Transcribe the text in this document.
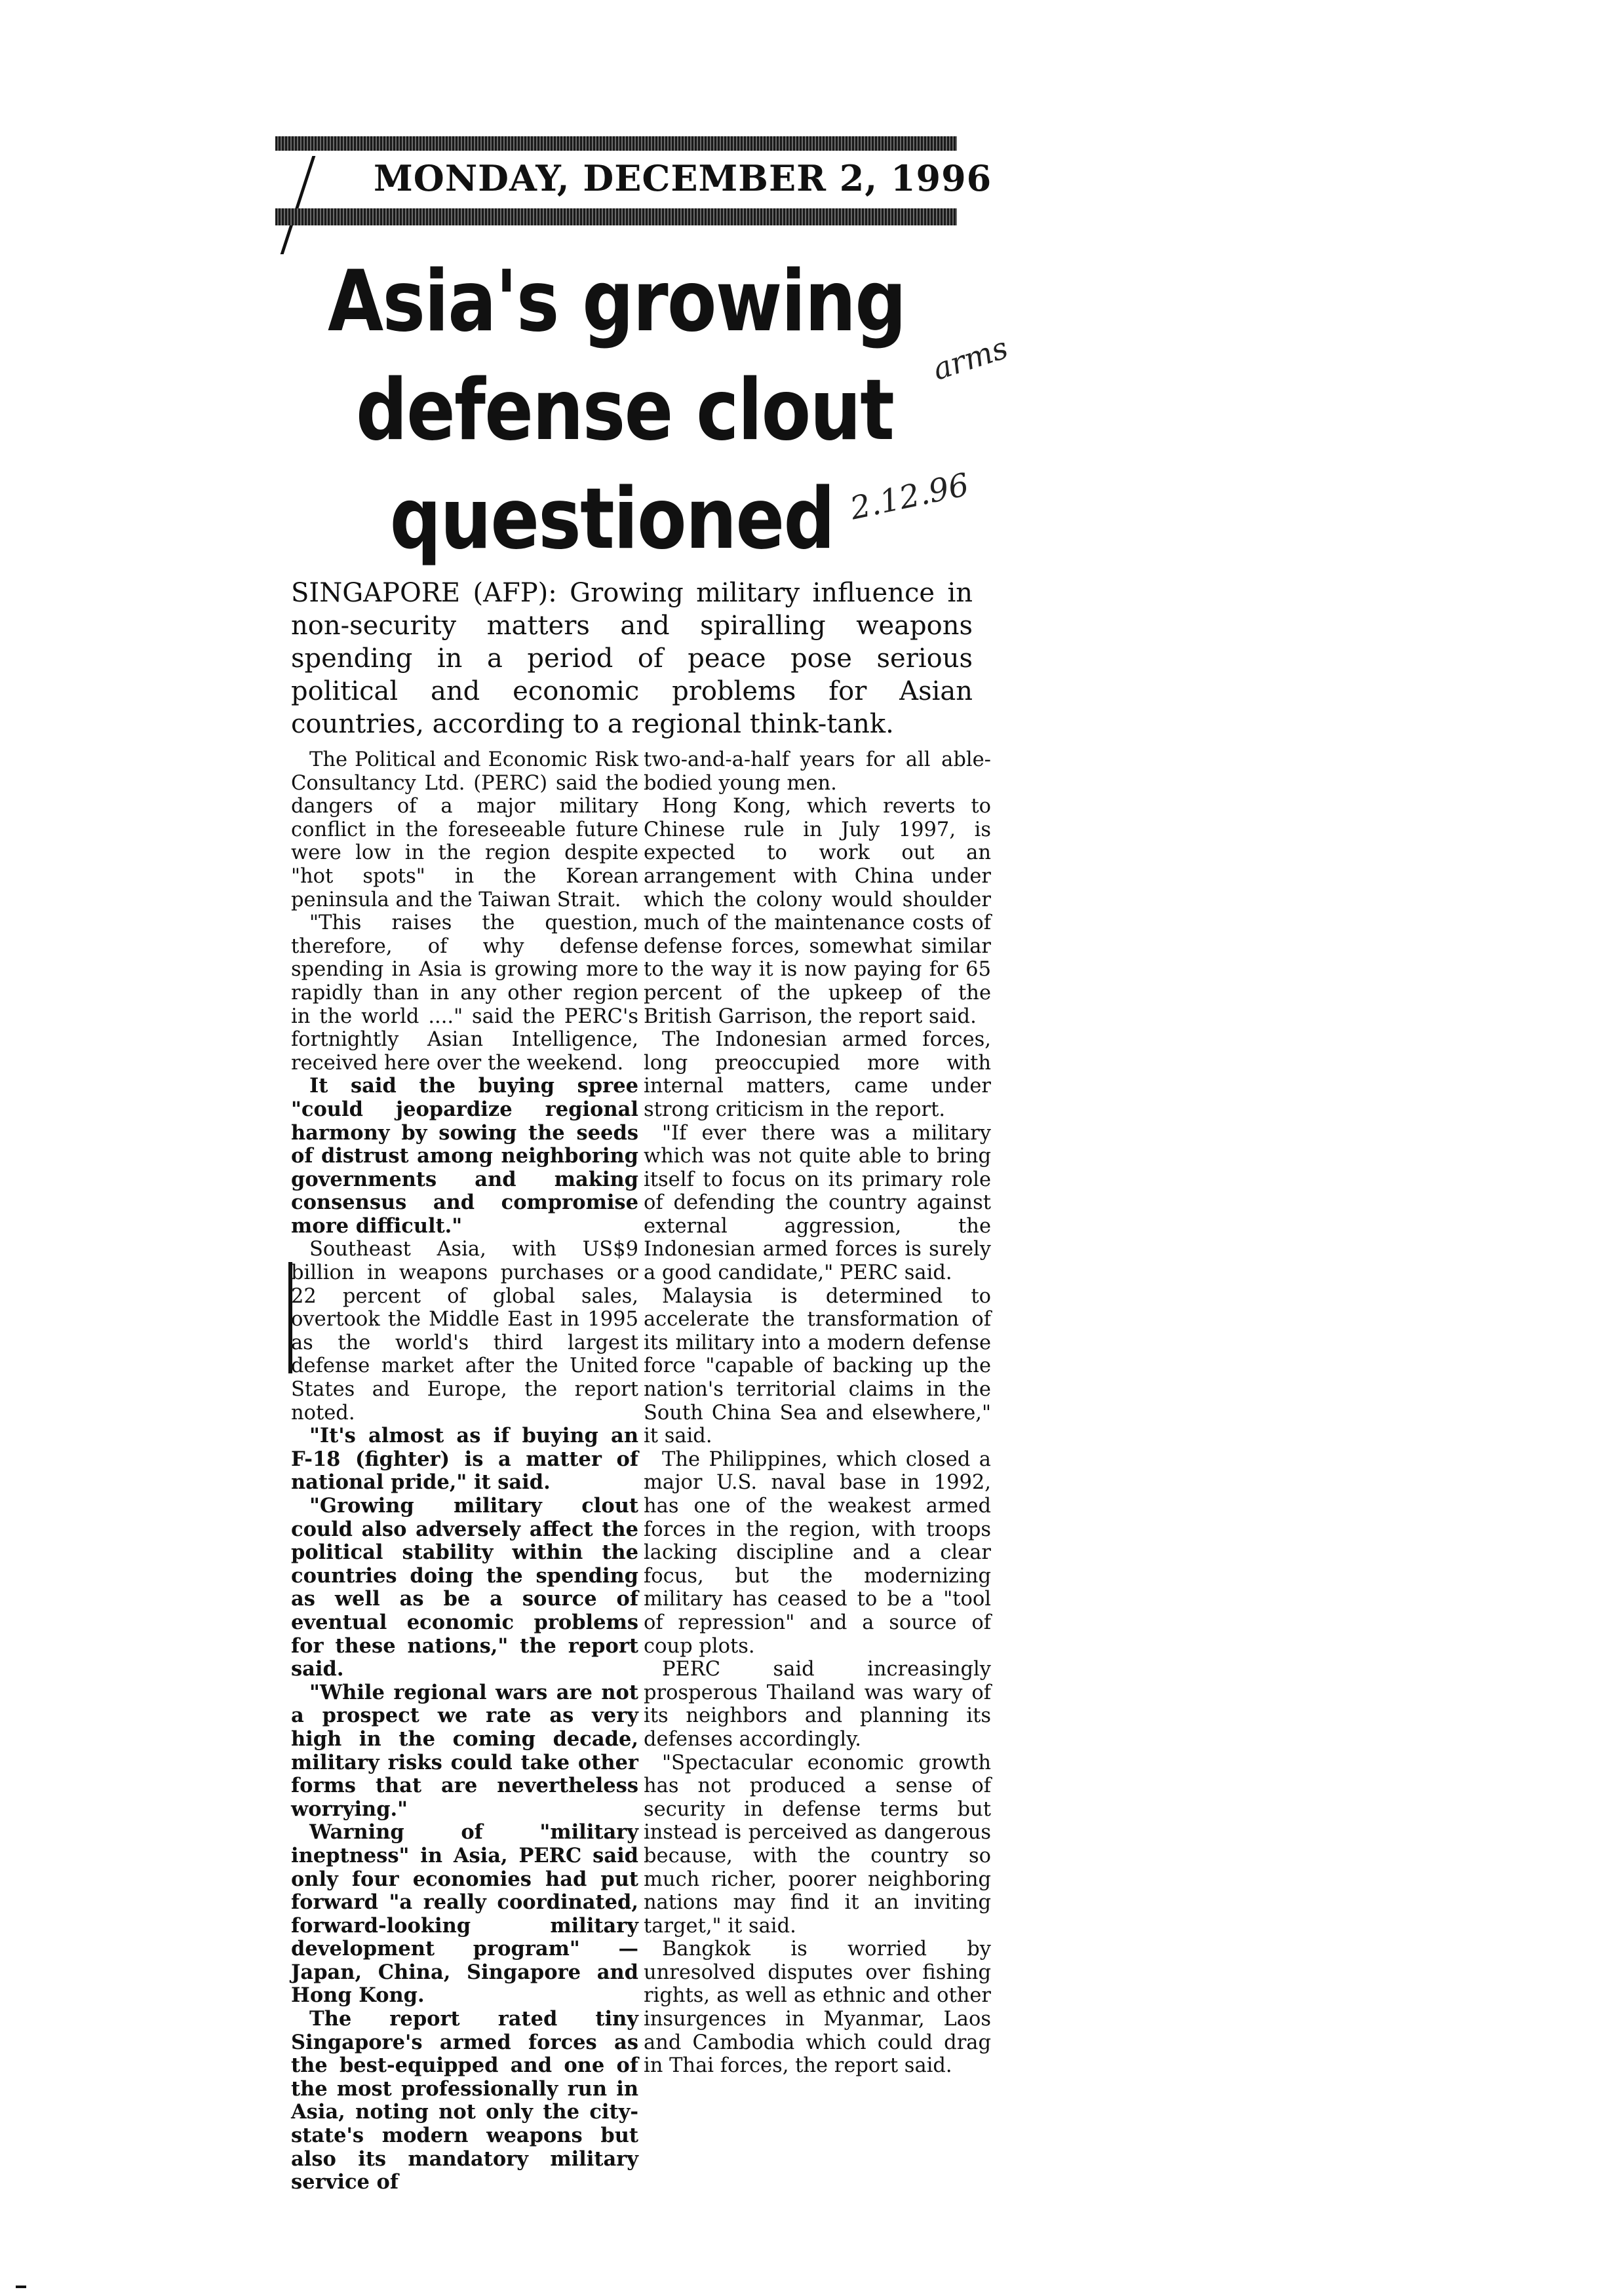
MONDAY, DECEMBER 2, 1996
Asia's growing
defense clout
questioned
arms
2.12.96
SINGAPORE (AFP): Growing military influence in non-security matters and spiralling weapons spending in a period of peace pose serious political and economic problems for Asian countries, according to a regional think-tank.

The Political and Economic Risk Consultancy Ltd. (PERC) said the dangers of a major military conflict in the foreseeable future were low in the region despite "hot spots" in the Korean peninsula and the Taiwan Strait.

"This raises the question, therefore, of why defense spending in Asia is growing more rapidly than in any other region in the world ...." said the PERC's fortnightly Asian Intelligence, received here over the weekend.

It said the buying spree "could jeopardize regional harmony by sowing the seeds of distrust among neighboring governments and making consensus and compromise more difficult."

Southeast Asia, with US$9 billion in weapons purchases or 22 percent of global sales, overtook the Middle East in 1995 as the world's third largest defense market after the United States and Europe, the report noted.

"It's almost as if buying an F-18 (fighter) is a matter of national pride," it said.

"Growing military clout could also adversely affect the political stability within the countries doing the spending as well as be a source of eventual economic problems for these nations," the report said.

"While regional wars are not a prospect we rate as very high in the coming decade, military risks could take other forms that are nevertheless worrying."

Warning of "military ineptness" in Asia, PERC said only four economies had put forward "a really coordinated, forward-looking military development program" — Japan, China, Singapore and Hong Kong.

The report rated tiny Singapore's armed forces as the best-equipped and one of the most professionally run in Asia, noting not only the city-state's modern weapons but also its mandatory military service of

two-and-a-half years for all able-bodied young men.

Hong Kong, which reverts to Chinese rule in July 1997, is expected to work out an arrangement with China under which the colony would shoulder much of the maintenance costs of defense forces, somewhat similar to the way it is now paying for 65 percent of the upkeep of the British Garrison, the report said.

The Indonesian armed forces, long preoccupied more with internal matters, came under strong criticism in the report.

"If ever there was a military which was not quite able to bring itself to focus on its primary role of defending the country against external aggression, the Indonesian armed forces is surely a good candidate," PERC said.

Malaysia is determined to accelerate the transformation of its military into a modern defense force "capable of backing up the nation's territorial claims in the South China Sea and elsewhere," it said.

The Philippines, which closed a major U.S. naval base in 1992, has one of the weakest armed forces in the region, with troops lacking discipline and a clear focus, but the modernizing military has ceased to be a "tool of repression" and a source of coup plots.

PERC said increasingly prosperous Thailand was wary of its neighbors and planning its defenses accordingly.

"Spectacular economic growth has not produced a sense of security in defense terms but instead is perceived as dangerous because, with the country so much richer, poorer neighboring nations may find it an inviting target," it said.

Bangkok is worried by unresolved disputes over fishing rights, as well as ethnic and other insurgences in Myanmar, Laos and Cambodia which could drag in Thai forces, the report said.
